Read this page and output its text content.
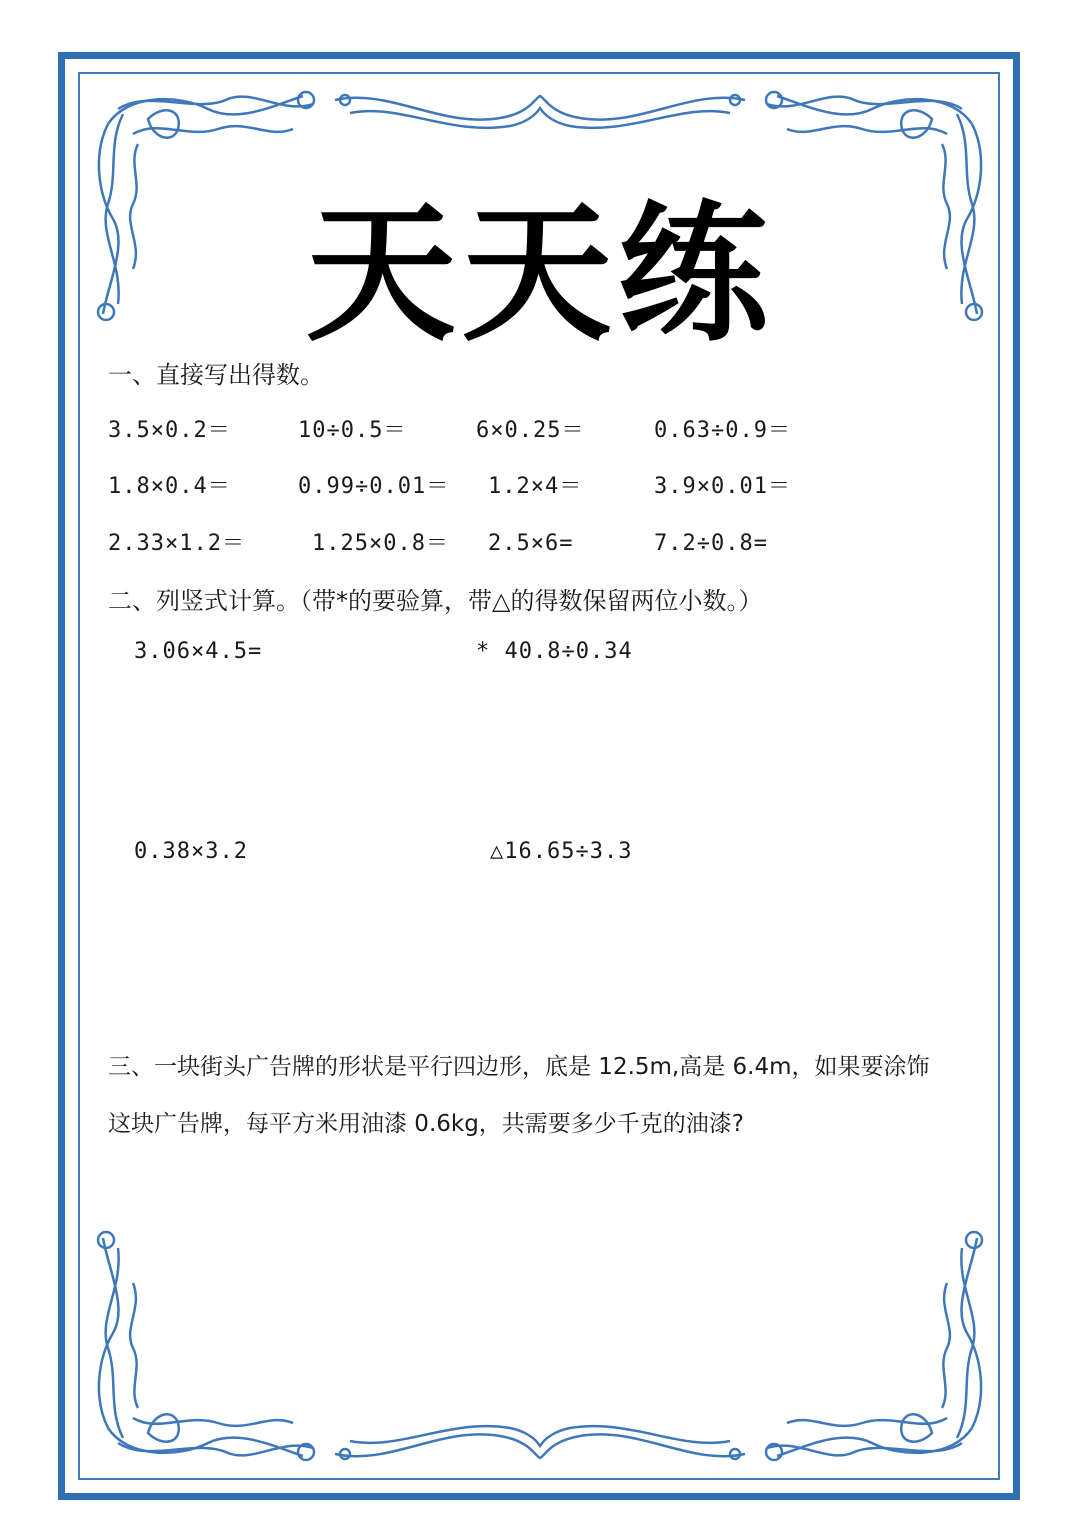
天天练
一、直接写出得数。
3.5×0.2＝	10÷0.5＝	6×0.25＝	0.63÷0.9＝
1.8×0.4＝	0.99÷0.01＝ 1.2×4＝	3.9×0.01＝
2.33×1.2＝	1.25×0.8＝ 2.5×6=	7.2÷0.8=
二、列竖式计算。（带*的要验算，带△的得数保留两位小数。）
3.06×4.5=	* 40.8÷0.34
0.38×3.2	△16.65÷3.3
三、一块街头广告牌的形状是平行四边形，底是 12.5m,高是 6.4m，如果要涂饰
这块广告牌，每平方米用油漆 0.6kg，共需要多少千克的油漆?
